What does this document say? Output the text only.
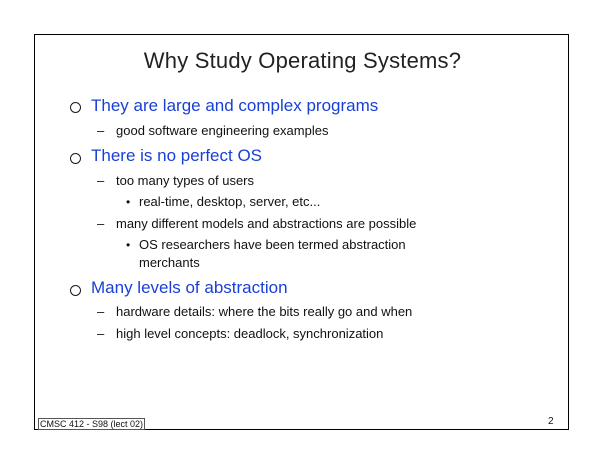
Why Study Operating Systems?
They are large and complex programs
– good software engineering examples
There is no perfect OS
– too many types of users
• real-time, desktop, server, etc...
– many different models and abstractions are possible
• OS researchers have been termed abstraction
merchants
Many levels of abstraction
– hardware details: where the bits really go and when
– high level concepts: deadlock, synchronization
CMSC 412 - S98 (lect 02)	2
